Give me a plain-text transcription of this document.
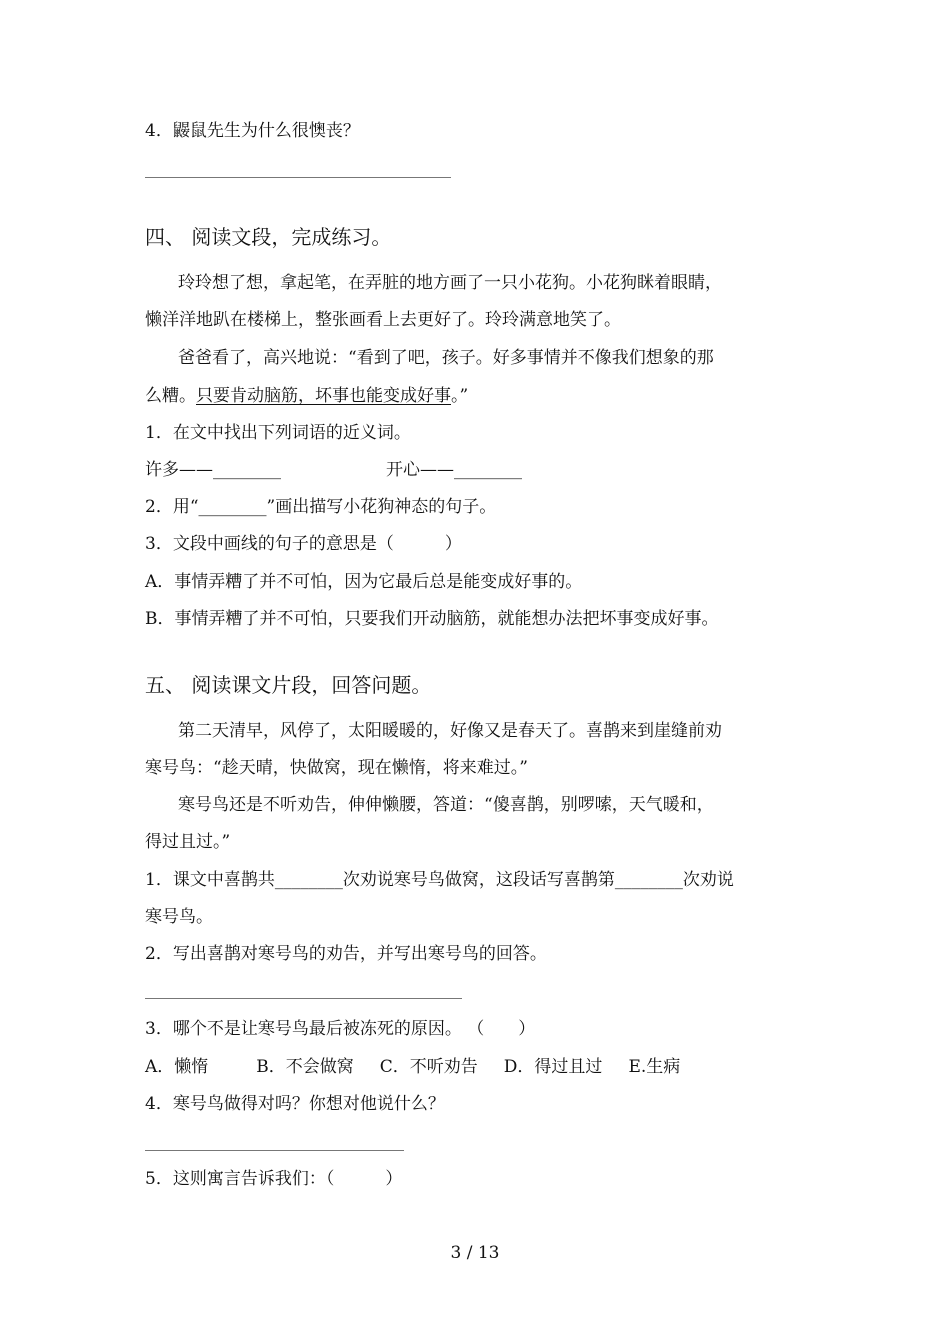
4．鼹鼠先生为什么很懊丧？
四、 阅读文段，完成练习。
玲玲想了想，拿起笔，在弄脏的地方画了一只小花狗。小花狗眯着眼睛，
懒洋洋地趴在楼梯上，整张画看上去更好了。玲玲满意地笑了。
爸爸看了，高兴地说：“看到了吧，孩子。好多事情并不像我们想象的那
么糟。只要肯动脑筋，坏事也能变成好事。”
1．在文中找出下列词语的近义词。
许多——________	开心——________
2．用“________”画出描写小花狗神态的句子。
3．文段中画线的句子的意思是（　　　）
A．事情弄糟了并不可怕，因为它最后总是能变成好事的。
B．事情弄糟了并不可怕，只要我们开动脑筋，就能想办法把坏事变成好事。
五、 阅读课文片段，回答问题。
第二天清早，风停了，太阳暖暖的，好像又是春天了。喜鹊来到崖缝前劝
寒号鸟：“趁天晴，快做窝，现在懒惰，将来难过。”
寒号鸟还是不听劝告，伸伸懒腰，答道：“傻喜鹊，别啰嗦，天气暖和，
得过且过。”
1．课文中喜鹊共________次劝说寒号鸟做窝，这段话写喜鹊第________次劝说
寒号鸟。
2．写出喜鹊对寒号鸟的劝告，并写出寒号鸟的回答。
3．哪个不是让寒号鸟最后被冻死的原因。 （　　）
A．懒惰	B．不会做窝 C．不听劝告 D．得过且过 E.生病
4．寒号鸟做得对吗？你想对他说什么？
5．这则寓言告诉我们：（　　　）
3 / 13
